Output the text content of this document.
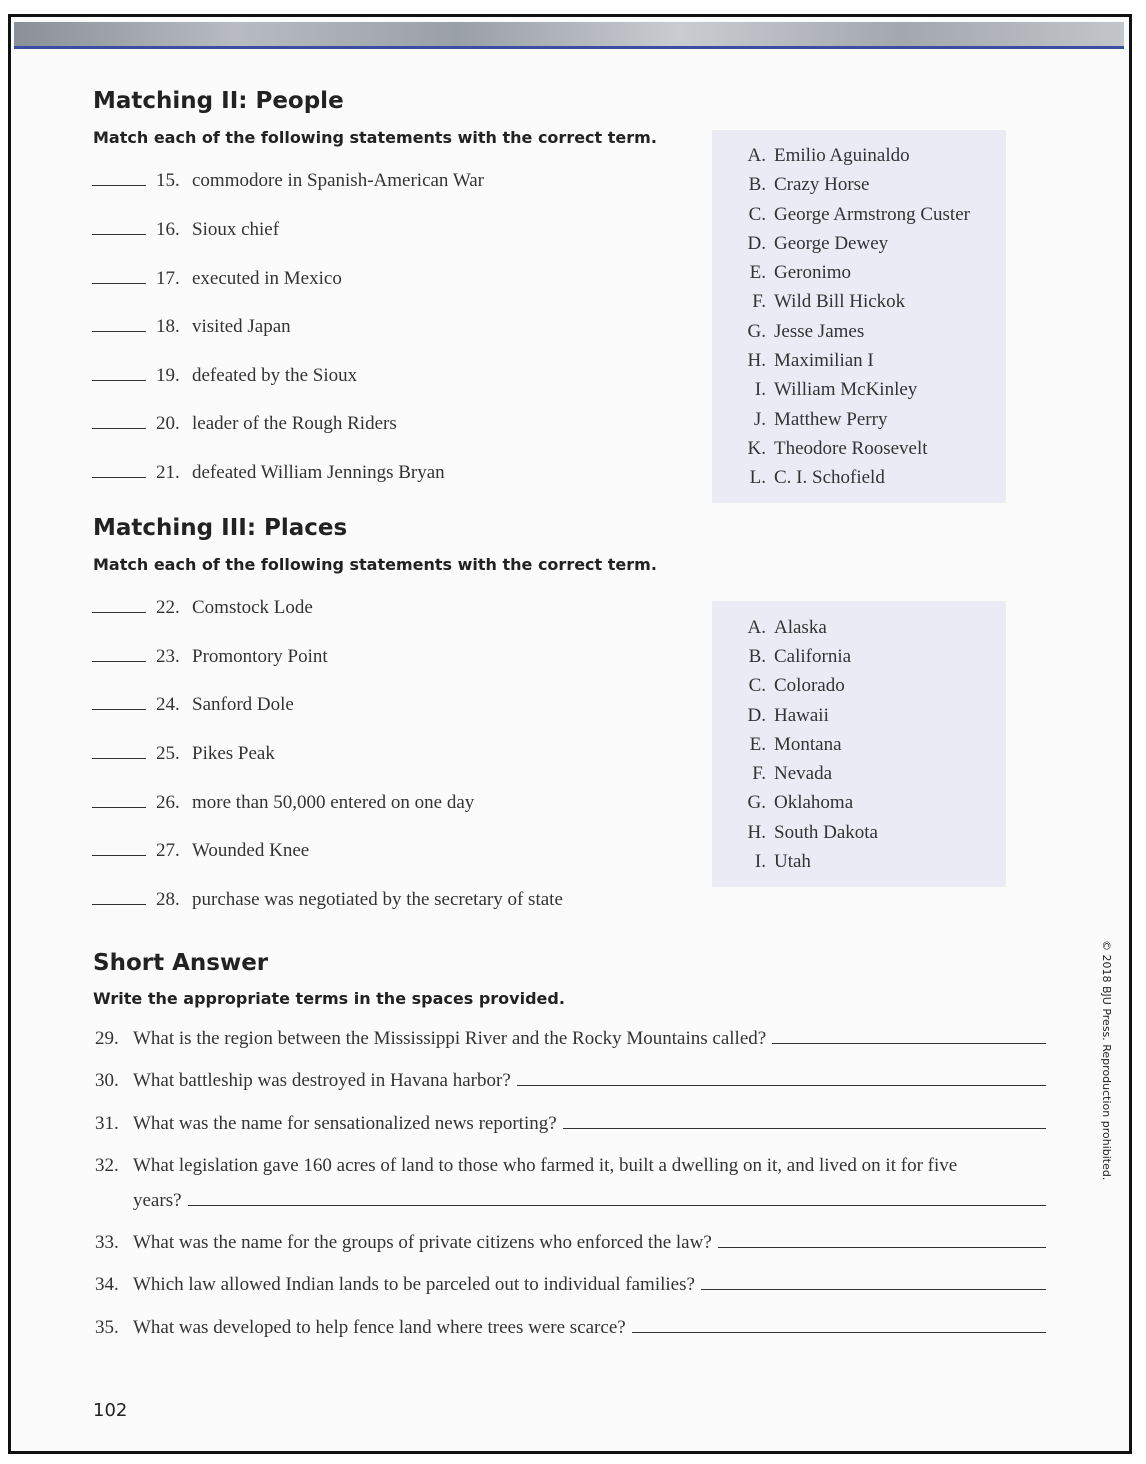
Matching II: People
Match each of the following statements with the correct term.
15. commodore in Spanish-American War
16. Sioux chief
17. executed in Mexico
18. visited Japan
19. defeated by the Sioux
20. leader of the Rough Riders
21. defeated William Jennings Bryan
A. Emilio Aguinaldo
B. Crazy Horse
C. George Armstrong Custer
D. George Dewey
E. Geronimo
F. Wild Bill Hickok
G. Jesse James
H. Maximilian I
I. William McKinley
J. Matthew Perry
K. Theodore Roosevelt
L. C. I. Schofield
Matching III: Places
Match each of the following statements with the correct term.
22. Comstock Lode
23. Promontory Point
24. Sanford Dole
25. Pikes Peak
26. more than 50,000 entered on one day
27. Wounded Knee
28. purchase was negotiated by the secretary of state
A. Alaska
B. California
C. Colorado
D. Hawaii
E. Montana
F. Nevada
G. Oklahoma
H. South Dakota
I. Utah
Short Answer
Write the appropriate terms in the spaces provided.
29. What is the region between the Mississippi River and the Rocky Mountains called?
30. What battleship was destroyed in Havana harbor?
31. What was the name for sensationalized news reporting?
32. What legislation gave 160 acres of land to those who farmed it, built a dwelling on it, and lived on it for five
years?
33. What was the name for the groups of private citizens who enforced the law?
34. Which law allowed Indian lands to be parceled out to individual families?
35. What was developed to help fence land where trees were scarce?
102
© 2018 BJU Press. Reproduction prohibited.
